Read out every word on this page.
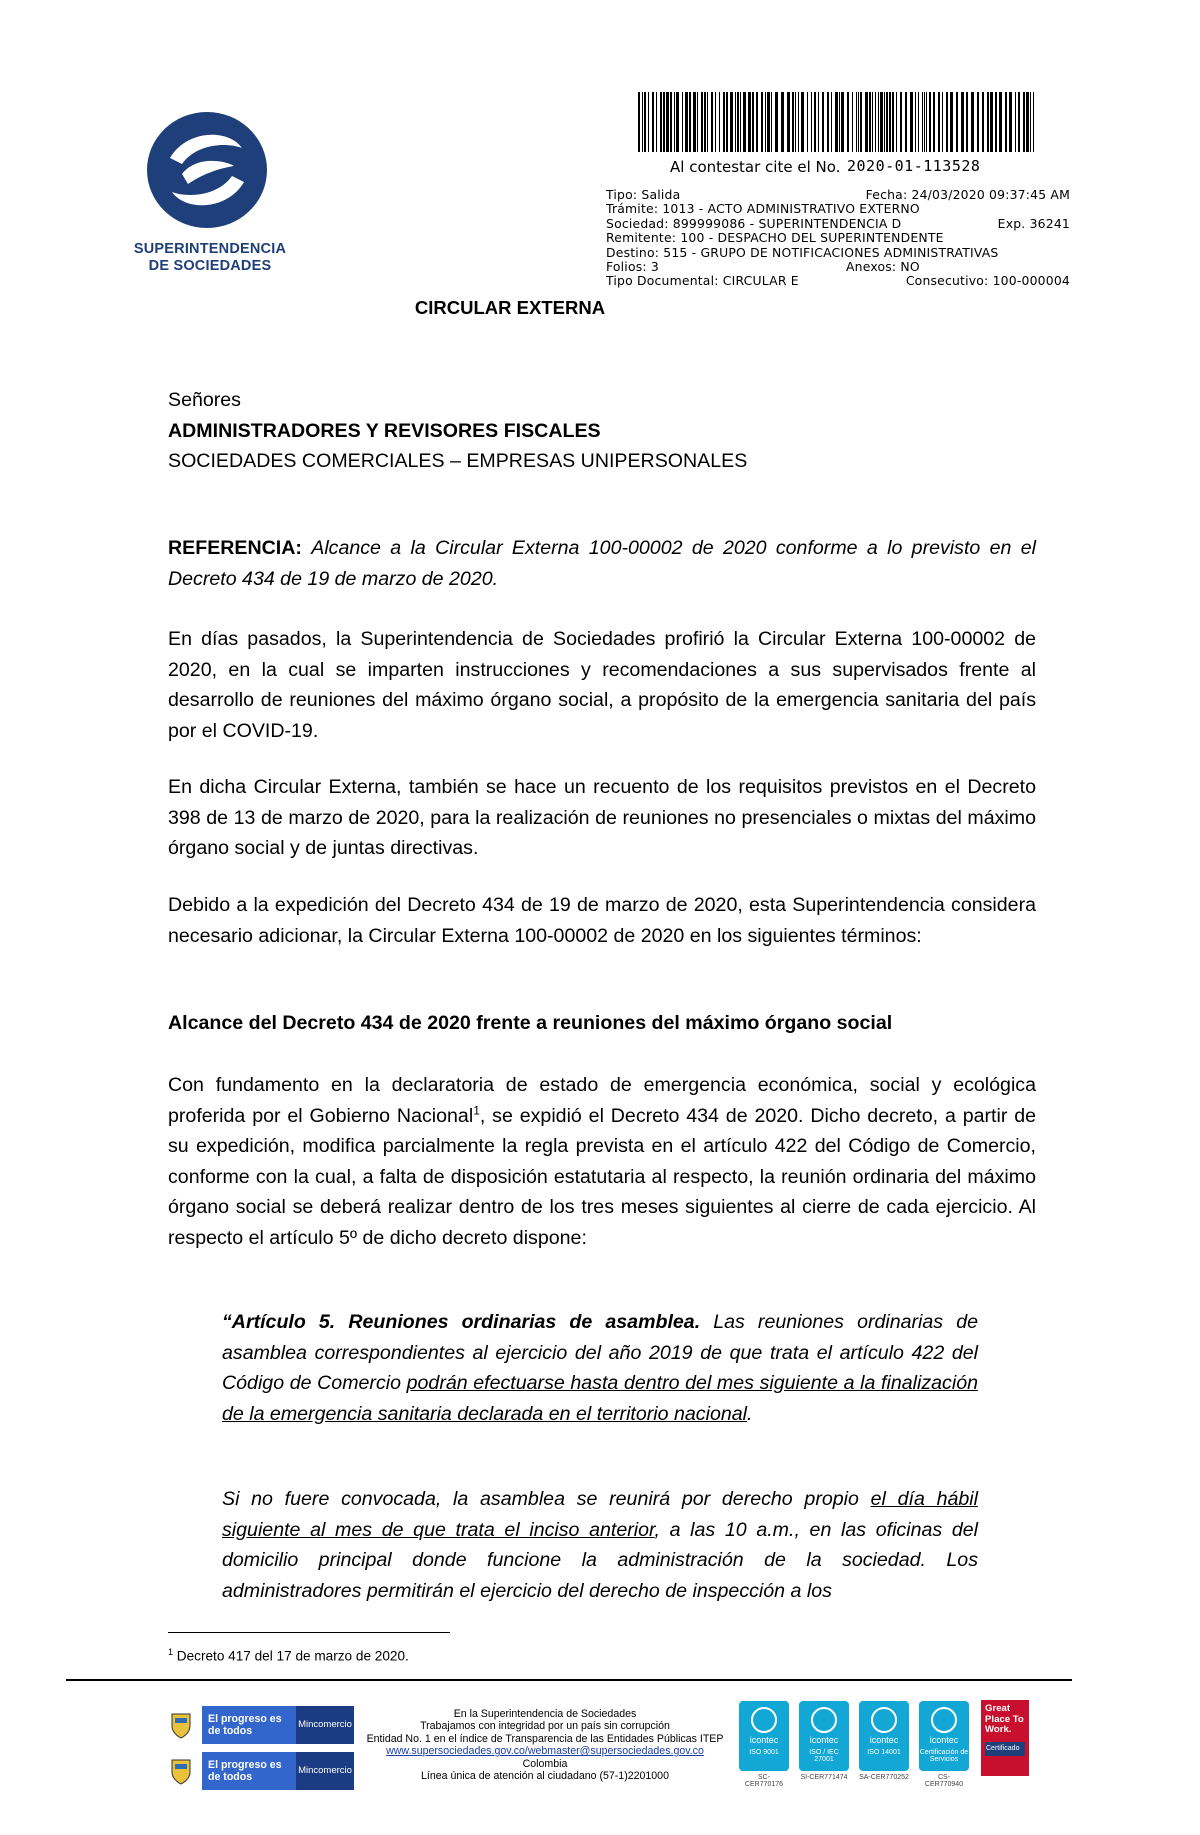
SUPERINTENDENCIA
DE SOCIEDADES
Al contestar cite el No. 2020-01-113528
Tipo: Salida	Fecha: 24/03/2020 09:37:45 AM
Trámite: 1013 - ACTO ADMINISTRATIVO EXTERNO
Sociedad: 899999086 - SUPERINTENDENCIA D	Exp. 36241
Remitente: 100 - DESPACHO DEL SUPERINTENDENTE
Destino: 515 - GRUPO DE NOTIFICACIONES ADMINISTRATIVAS
Folios: 3	Anexos: NO
Tipo Documental: CIRCULAR E	Consecutivo: 100-000004
CIRCULAR EXTERNA

Señores

ADMINISTRADORES Y REVISORES FISCALES

SOCIEDADES COMERCIALES – EMPRESAS UNIPERSONALES

REFERENCIA: Alcance a la Circular Externa 100-00002 de 2020 conforme a lo previsto en el Decreto 434 de 19 de marzo de 2020.

En días pasados, la Superintendencia de Sociedades profirió la Circular Externa 100-00002 de 2020, en la cual se imparten instrucciones y recomendaciones a sus supervisados frente al desarrollo de reuniones del máximo órgano social, a propósito de la emergencia sanitaria del país por el COVID-19.

En dicha Circular Externa, también se hace un recuento de los requisitos previstos en el Decreto 398 de 13 de marzo de 2020, para la realización de reuniones no presenciales o mixtas del máximo órgano social y de juntas directivas.

Debido a la expedición del Decreto 434 de 19 de marzo de 2020, esta Superintendencia considera necesario adicionar, la Circular Externa 100-00002 de 2020 en los siguientes términos:

Alcance del Decreto 434 de 2020 frente a reuniones del máximo órgano social

Con fundamento en la declaratoria de estado de emergencia económica, social y ecológica proferida por el Gobierno Nacional$^1$, se expidió el Decreto 434 de 2020. Dicho decreto, a partir de su expedición, modifica parcialmente la regla prevista en el artículo 422 del Código de Comercio, conforme con la cual, a falta de disposición estatutaria al respecto, la reunión ordinaria del máximo órgano social se deberá realizar dentro de los tres meses siguientes al cierre de cada ejercicio. Al respecto el artículo 5º de dicho decreto dispone:
“Artículo 5. Reuniones ordinarias de asamblea. Las reuniones ordinarias de asamblea correspondientes al ejercicio del año 2019 de que trata el artículo 422 del Código de Comercio podrán efectuarse hasta dentro del mes siguiente a la finalización de la emergencia sanitaria declarada en el territorio nacional.
Si no fuere convocada, la asamblea se reunirá por derecho propio el día hábil siguiente al mes de que trata el inciso anterior, a las 10 a.m., en las oficinas del domicilio principal donde funcione la administración de la sociedad. Los administradores permitirán el ejercicio del derecho de inspección a los
$^1$ Decreto 417 del 17 de marzo de 2020.
El progreso es de todos
Mincomercio
El progreso es de todos
Mincomercio
En la Superintendencia de Sociedades
Trabajamos con integridad por un país sin corrupción
Entidad No. 1 en el índice de Transparencia de las Entidades Públicas ITEP
www.supersociedades.gov.co/webmaster@supersociedades.gov.co
Colombia
Línea única de atención al ciudadano (57-1)2201000
icontec
ISO 9001
icontec
ISO / IEC 27001
icontec
ISO 14001
icontec
Certificación de Servicios
SC-CER770176
SI-CER771474 SA-CER770252	CS-CER770940
Great Place To Work.
Certificado
